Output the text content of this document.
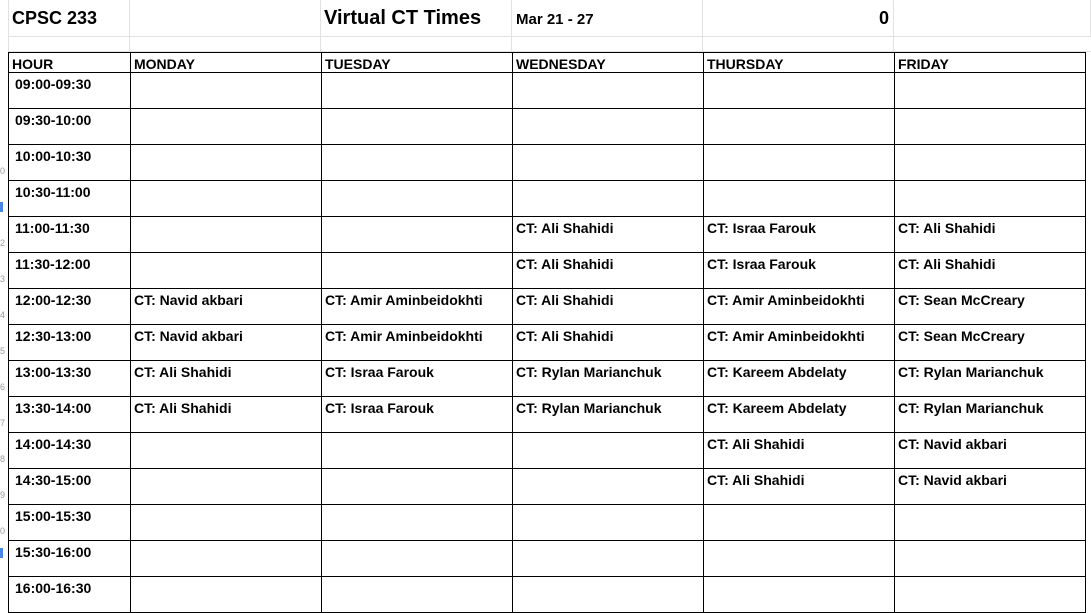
0
2
3
4
5
6
7
8
9
0
CPSC 233	Virtual CT Times Mar 21 - 27	0
HOUR	MONDAY	TUESDAY	WEDNESDAY	THURSDAY	FRIDAY
09:00-09:30					
09:30-10:00					
10:00-10:30					
10:30-11:00					
11:00-11:30			CT: Ali Shahidi	CT: Israa Farouk	CT: Ali Shahidi
11:30-12:00			CT: Ali Shahidi	CT: Israa Farouk	CT: Ali Shahidi
12:00-12:30	CT: Navid akbari	CT: Amir Aminbeidokhti	CT: Ali Shahidi	CT: Amir Aminbeidokhti	CT: Sean McCreary
12:30-13:00	CT: Navid akbari	CT: Amir Aminbeidokhti	CT: Ali Shahidi	CT: Amir Aminbeidokhti	CT: Sean McCreary
13:00-13:30	CT: Ali Shahidi	CT: Israa Farouk	CT: Rylan Marianchuk	CT: Kareem Abdelaty	CT: Rylan Marianchuk
13:30-14:00	CT: Ali Shahidi	CT: Israa Farouk	CT: Rylan Marianchuk	CT: Kareem Abdelaty	CT: Rylan Marianchuk
14:00-14:30				CT: Ali Shahidi	CT: Navid akbari
14:30-15:00				CT: Ali Shahidi	CT: Navid akbari
15:00-15:30					
15:30-16:00					
16:00-16:30					
